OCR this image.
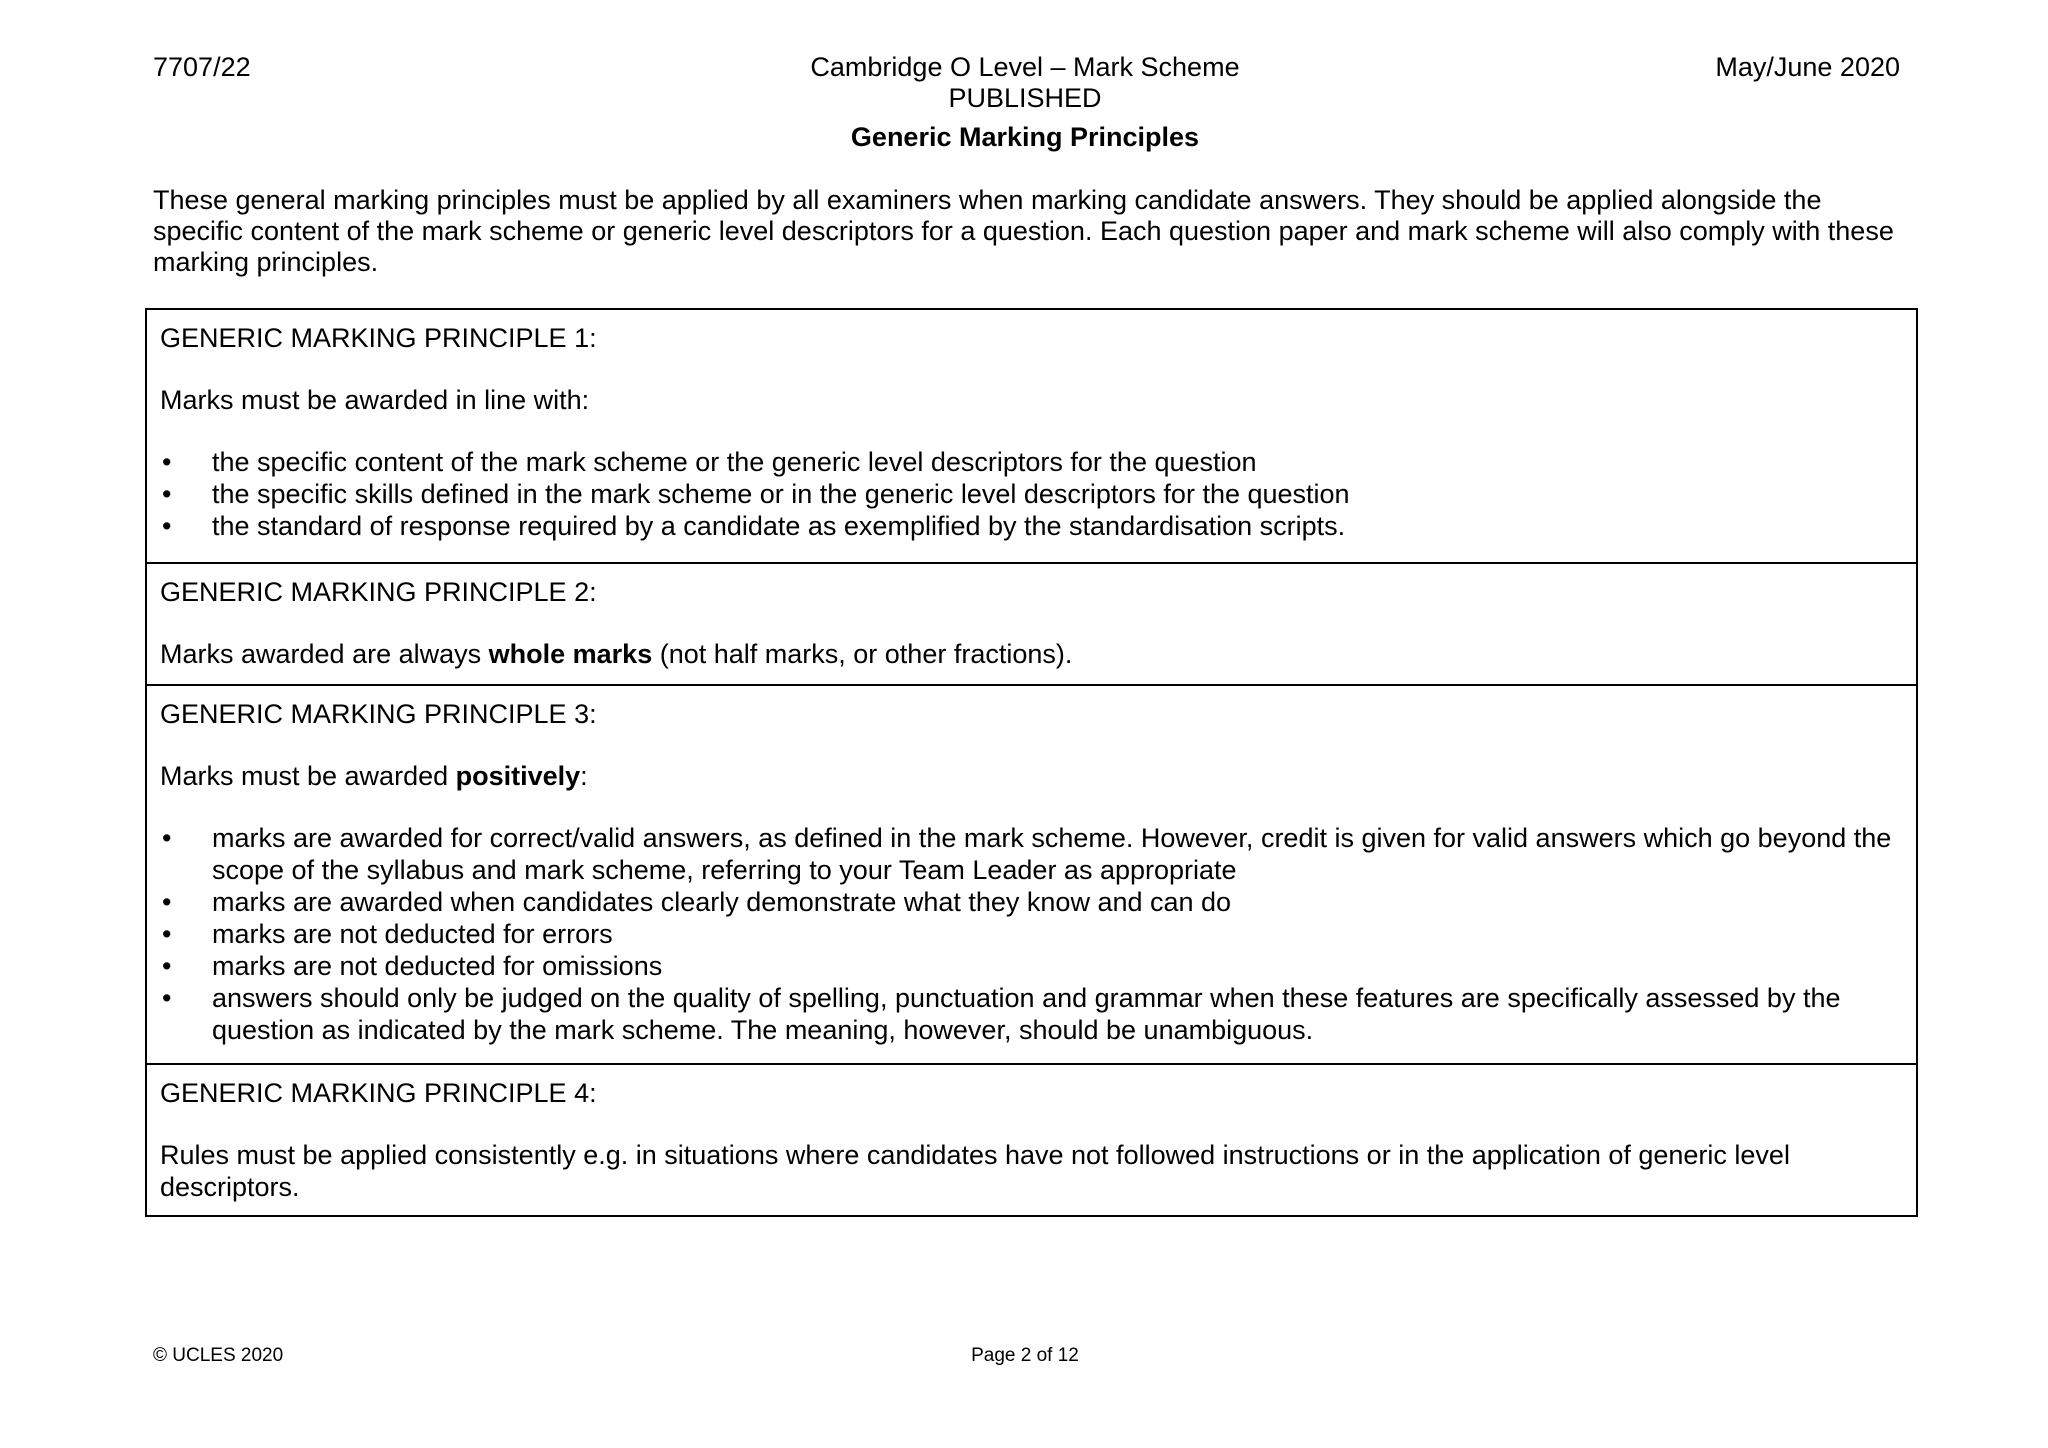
7707/22	Cambridge O Level – Mark Scheme
PUBLISHED
May/June 2020
Generic Marking Principles
These general marking principles must be applied by all examiners when marking candidate answers. They should be applied alongside the specific content of the mark scheme or generic level descriptors for a question. Each question paper and mark scheme will also comply with these marking principles.

GENERIC MARKING PRINCIPLE 1:

Marks must be awarded in line with:

• the specific content of the mark scheme or the generic level descriptors for the question
• the specific skills defined in the mark scheme or in the generic level descriptors for the question
• the standard of response required by a candidate as exemplified by the standardisation scripts.

GENERIC MARKING PRINCIPLE 2:

Marks awarded are always whole marks (not half marks, or other fractions).

GENERIC MARKING PRINCIPLE 3:

Marks must be awarded positively:

• marks are awarded for correct/valid answers, as defined in the mark scheme. However, credit is given for valid answers which go beyond the scope of the syllabus and mark scheme, referring to your Team Leader as appropriate
• marks are awarded when candidates clearly demonstrate what they know and can do
• marks are not deducted for errors
• marks are not deducted for omissions
• answers should only be judged on the quality of spelling, punctuation and grammar when these features are specifically assessed by the question as indicated by the mark scheme. The meaning, however, should be unambiguous.

GENERIC MARKING PRINCIPLE 4:

Rules must be applied consistently e.g. in situations where candidates have not followed instructions or in the application of generic level descriptors.

© UCLES 2020	Page 2 of 12
